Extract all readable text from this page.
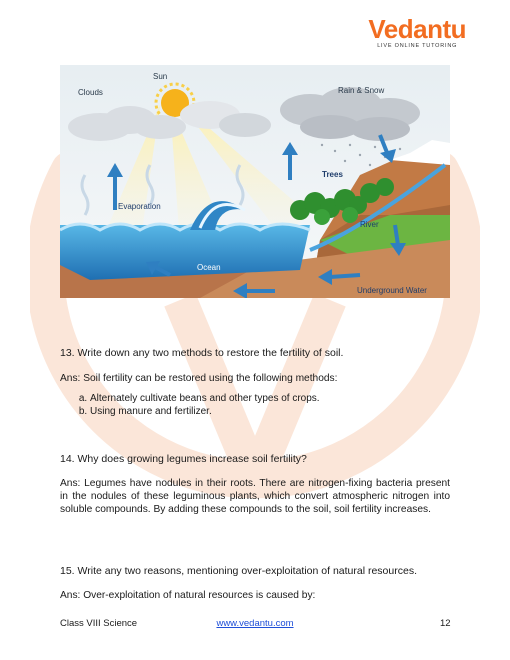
Vedantu
LIVE ONLINE TUTORING
Clouds
Sun
Rain & Snow
Trees
Evaporation
River
Ocean
Underground Water
13. Write down any two methods to restore the fertility of soil.
Ans: Soil fertility can be restored using the following methods:
a. Alternately cultivate beans and other types of crops.
b. Using manure and fertilizer.
14. Why does growing legumes increase soil fertility?
Ans: Legumes have nodules in their roots. There are nitrogen-fixing bacteria present in the nodules of these leguminous plants, which convert atmospheric nitrogen into soluble compounds. By adding these compounds to the soil, soil fertility increases.
15. Write any two reasons, mentioning over-exploitation of natural resources.
Ans: Over-exploitation of natural resources is caused by:
Class VIII Science	www.vedantu.com	12
